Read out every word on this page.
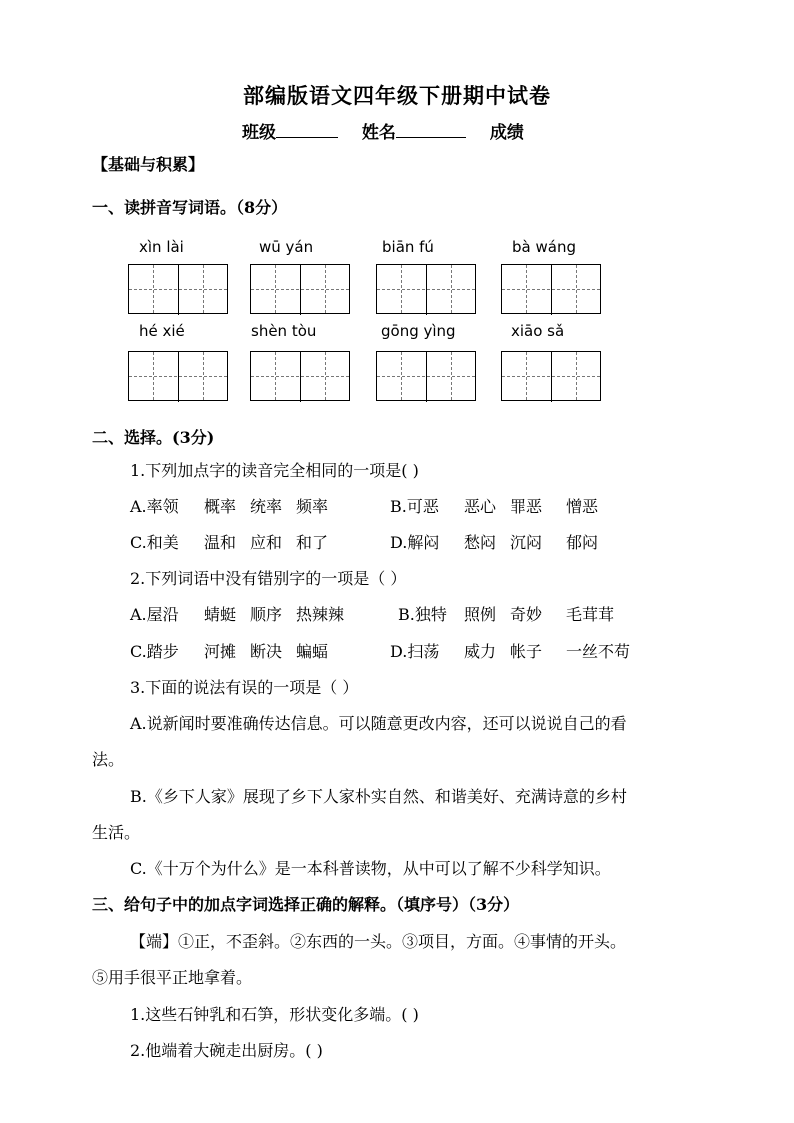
部编版语文四年级下册期中试卷
班级	姓名	成绩
【基础与积累】
一、读拼音写词语。（8分）
xìn lài	wū yán	biān fú	bà wáng
hé xié	shèn tòu	gōng yìng	xiāo sǎ
二、选择。(3分)
1.下列加点字的读音完全相同的一项是( )
A.率领 概率 统率 频率	B.可恶 恶心 罪恶 憎恶
C.和美 温和 应和 和了	D.解闷 愁闷 沉闷 郁闷
2.下列词语中没有错别字的一项是（ ）
A.屋沿 蜻蜓 顺序 热辣辣	B.独特 照例 奇妙 毛茸茸
C.踏步 河摊 断决 蝙蝠	D.扫荡 威力 帐子 一丝不苟
3.下面的说法有误的一项是（ ）
A.说新闻时要准确传达信息。可以随意更改内容，还可以说说自己的看
法。
B.《乡下人家》展现了乡下人家朴实自然、和谐美好、充满诗意的乡村
生活。
C.《十万个为什么》是一本科普读物，从中可以了解不少科学知识。
三、给句子中的加点字词选择正确的解释。（填序号）（3分）
【端】①正，不歪斜。②东西的一头。③项目，方面。④事情的开头。
⑤用手很平正地拿着。
1.这些石钟乳和石笋，形状变化多端。( )
2.他端着大碗走出厨房。( )
